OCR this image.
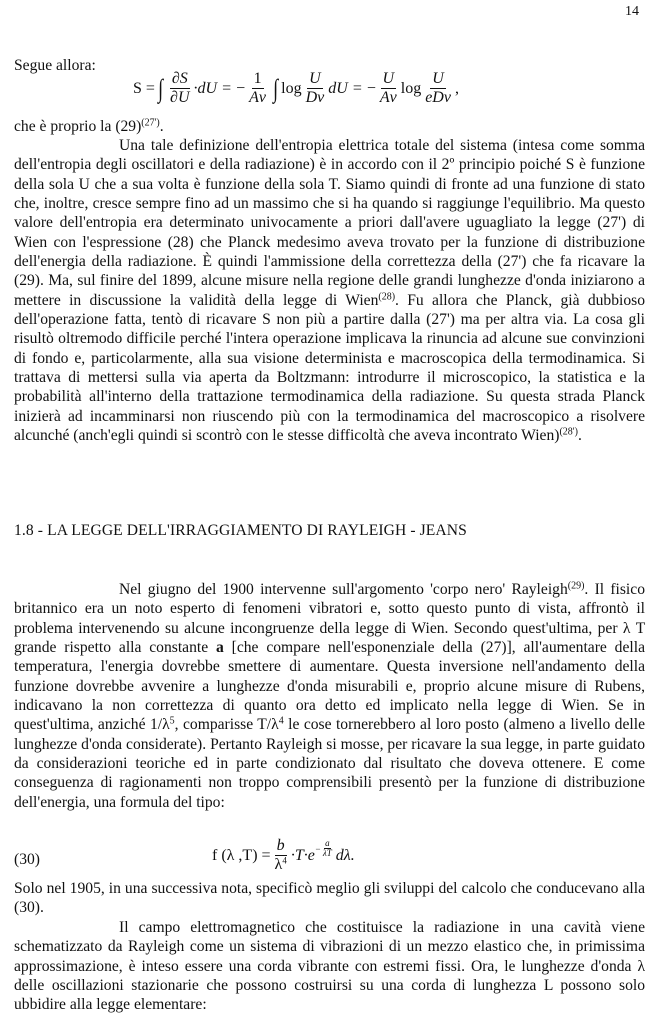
14
Segue allora:
S = ∫ $\frac{\partial S}{\partial U} \cdot dU$ = − $\frac{1}{A\nu}$ ∫ $\log \frac{U}{D\nu}$ dU = − $\frac{U}{A\nu}$ $\log \frac{U}{\text{eDν}}$ ,
che è proprio la $(29)^{(27')}$.
Una tale definizione dell'entropia elettrica totale del sistema (intesa come somma dell'entropia degli oscillatori e della radiazione) è in accordo con il 2º principio poiché S è funzione della sola U che a sua volta è funzione della sola T. Siamo quindi di fronte ad una funzione di stato che, inoltre, cresce sempre fino ad un massimo che si ha quando si raggiunge l'equilibrio. Ma questo valore dell'entropia era determinato univocamente a priori dall'avere uguagliato la legge (27') di Wien con l'espressione (28) che Planck medesimo aveva trovato per la funzione di distribuzione dell'energia della radiazione. È quindi l'ammissione della correttezza della (27') che fa ricavare la (29). Ma, sul finire del 1899, alcune misure nella regione delle grandi lunghezze d'onda iniziarono a mettere in discussione la validità della legge di Wien$^{(28)}$. Fu allora che Planck, già dubbioso dell'operazione fatta, tentò di ricavare S non più a partire dalla (27') ma per altra via. La cosa gli risultò oltremodo difficile perché l'intera operazione implicava la rinuncia ad alcune sue convinzioni di fondo e, particolarmente, alla sua visione determinista e macroscopica della termodinamica. Si trattava di mettersi sulla via aperta da Boltzmann: introdurre il microscopico, la statistica e la probabilità all'interno della trattazione termodinamica della radiazione. Su questa strada Planck inizierà ad incamminarsi non riuscendo più con la termodinamica del macroscopico a risolvere alcunché (anch'egli quindi si scontrò con le stesse difficoltà che aveva incontrato Wien)$^{(28')}$.
1.8 - LA LEGGE DELL'IRRAGGIAMENTO DI RAYLEIGH - JEANS
Nel giugno del 1900 intervenne sull'argomento 'corpo nero' Rayleigh$^{(29)}$. Il fisico britannico era un noto esperto di fenomeni vibratori e, sotto questo punto di vista, affrontò il problema intervenendo su alcune incongruenze della legge di Wien. Secondo quest'ultima, per λ T grande rispetto alla constante a [che compare nell'esponenziale della (27)], all'aumentare della temperatura, l'energia dovrebbe smettere di aumentare. Questa inversione nell'andamento della funzione dovrebbe avvenire a lunghezze d'onda misurabili e, proprio alcune misure di Rubens, indicavano la non correttezza di quanto ora detto ed implicato nella legge di Wien. Se in quest'ultima, anziché $1/\lambda^5$, comparisse $T/\lambda^4$ le cose tornerebbero al loro posto (almeno a livello delle lunghezze d'onda considerate). Pertanto Rayleigh si mosse, per ricavare la sua legge, in parte guidato da considerazioni teoriche ed in parte condizionato dal risultato che doveva ottenere. E come conseguenza di ragionamenti non troppo comprensibili presentò per la funzione di distribuzione dell'energia, una formula del tipo:
(30)	f (λ $,T) = \frac{b}{\lambda^4} \cdot T\cdot e - \frac{a}{\lambda T} d\lambda$.
Solo nel 1905, in una successiva nota, specificò meglio gli sviluppi del calcolo che conducevano alla (30).
Il campo elettromagnetico che costituisce la radiazione in una cavità viene schematizzato da Rayleigh come un sistema di vibrazioni di un mezzo elastico che, in primissima approssimazione, è inteso essere una corda vibrante con estremi fissi. Ora, le lunghezze d'onda λ delle oscillazioni stazionarie che possono costruirsi su una corda di lunghezza L possono solo ubbidire alla legge elementare:
